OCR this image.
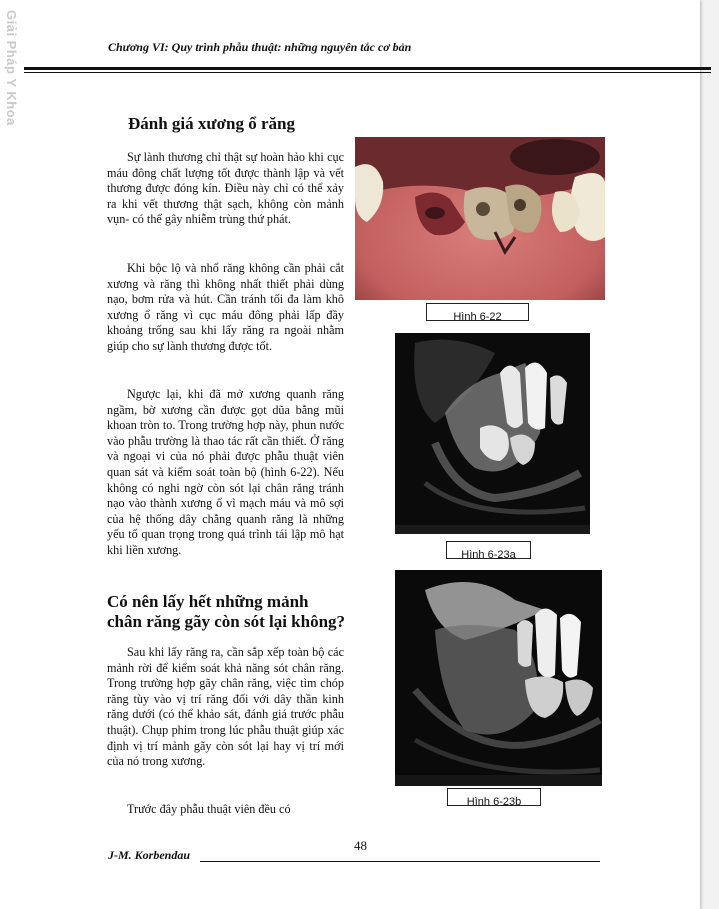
Giải Pháp Y Khoa	Chương VI: Quy trình phẫu thuật: những nguyên tắc cơ bản
Đánh giá xương ổ răng

Sự lành thương chỉ thật sự hoàn hảo khi cục máu đông chất lượng tốt được thành lập và vết thương được đóng kín. Điều này chỉ có thể xảy ra khi vết thương thật sạch, không còn mảnh vụn- có thể gây nhiễm trùng thứ phát.

Khi bộc lộ và nhổ răng không cần phải cắt xương và răng thì không nhất thiết phải dùng nạo, bơm rửa và hút. Cần tránh tối đa làm khô xương ổ răng vì cục máu đông phải lấp đầy khoảng trống sau khi lấy răng ra ngoài nhằm giúp cho sự lành thương được tốt.

Ngược lại, khi đã mở xương quanh răng ngầm, bờ xương cần được gọt dũa bằng mũi khoan tròn to. Trong trường hợp này, phun nước vào phẫu trường là thao tác rất cần thiết. Ở răng và ngoại vi của nó phải được phẫu thuật viên quan sát và kiểm soát toàn bộ (hình 6-22). Nếu không có nghi ngờ còn sót lại chân răng tránh nạo vào thành xương ổ vì mạch máu và mô sợi của hệ thống dây chằng quanh răng là những yếu tố quan trọng trong quá trình tái lập mô hạt khi liền xương.

Có nên lấy hết những mảnh chân răng gãy còn sót lại không?

Sau khi lấy răng ra, cần sắp xếp toàn bộ các mảnh rời để kiểm soát khả năng sót chân răng. Trong trường hợp gãy chân răng, việc tìm chóp răng tùy vào vị trí răng đối với dây thần kinh răng dưới (có thể khảo sát, đánh giá trước phẫu thuật). Chụp phim trong lúc phẫu thuật giúp xác định vị trí mảnh gãy còn sót lại hay vị trí mới của nó trong xương.

Trước đây phẫu thuật viên đều có

Hình 6-22
Hình 6-23a
Hình 6-23b
48
J-M. Korbendau
